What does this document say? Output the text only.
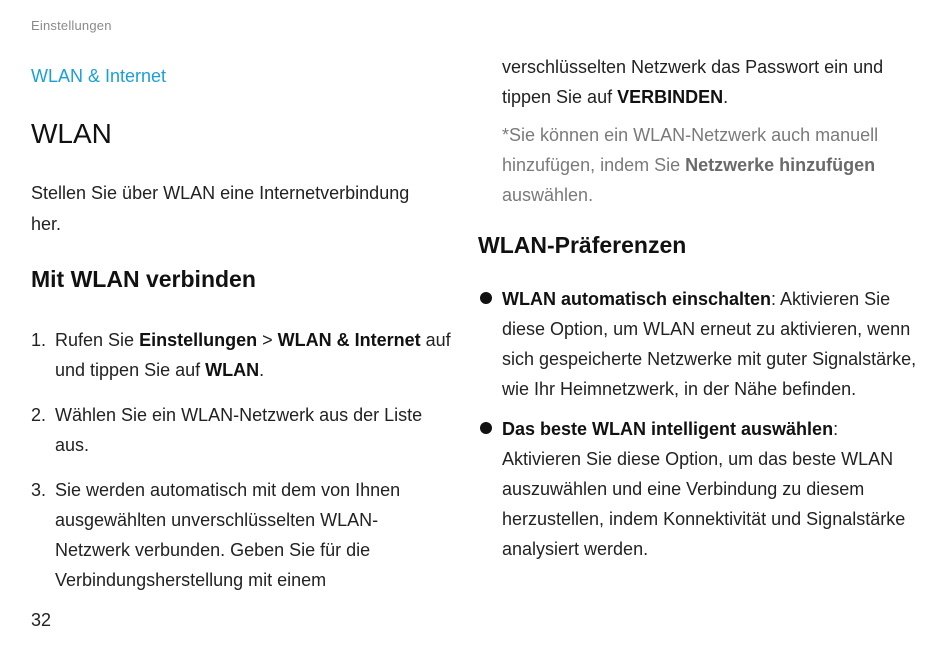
Einstellungen
WLAN & Internet
WLAN

Stellen Sie über WLAN eine Internetverbindung her.

Mit WLAN verbinden
1. Rufen Sie Einstellungen > WLAN & Internet auf und tippen Sie auf WLAN.
2. Wählen Sie ein WLAN-Netzwerk aus der Liste aus.
3. Sie werden automatisch mit dem von Ihnen ausgewählten unverschlüsselten WLAN-Netzwerk verbunden. Geben Sie für die Verbindungsherstellung mit einem

verschlüsselten Netzwerk das Passwort ein und tippen Sie auf VERBINDEN.

*Sie können ein WLAN-Netzwerk auch manuell hinzufügen, indem Sie Netzwerke hinzufügen auswählen.

WLAN-Präferenzen
WLAN automatisch einschalten: Aktivieren Sie diese Option, um WLAN erneut zu aktivieren, wenn sich gespeicherte Netzwerke mit guter Signalstärke, wie Ihr Heimnetzwerk, in der Nähe befinden.
Das beste WLAN intelligent auswählen: Aktivieren Sie diese Option, um das beste WLAN auszuwählen und eine Verbindung zu diesem herzustellen, indem Konnektivität und Signalstärke analysiert werden.
32
